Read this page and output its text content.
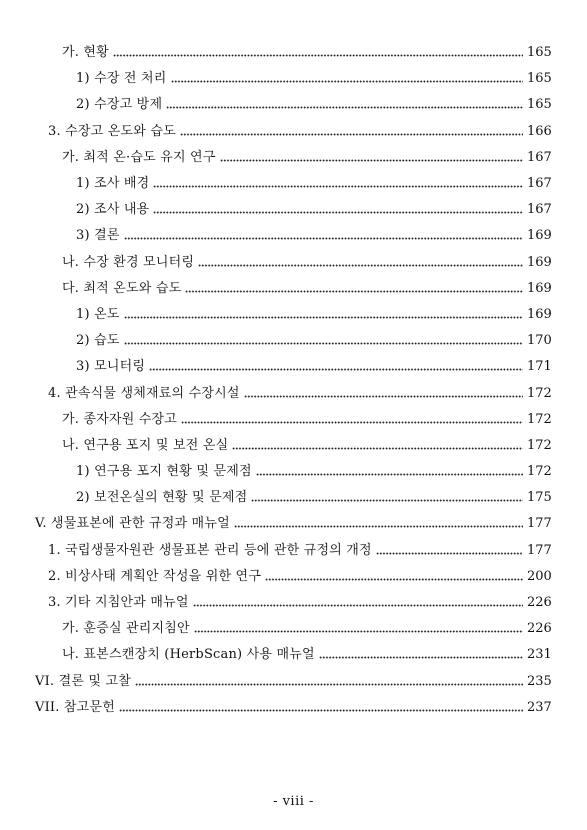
가. 현황	165
1) 수장 전 처리	165
2) 수장고 방제	165
3. 수장고 온도와 습도	166
가. 최적 온·습도 유지 연구	167
1) 조사 배경	167
2) 조사 내용	167
3) 결론	169
나. 수장 환경 모니터링	169
다. 최적 온도와 습도	169
1) 온도	169
2) 습도	170
3) 모니터링	171
4. 관속식물 생체재료의 수장시설	172
가. 종자자원 수장고	172
나. 연구용 포지 및 보전 온실	172
1) 연구용 포지 현황 및 문제점	172
2) 보전온실의 현황 및 문제점	175
V. 생물표본에 관한 규정과 매뉴얼	177
1. 국립생물자원관 생물표본 관리 등에 관한 규정의 개정	177
2. 비상사태 계획안 작성을 위한 연구	200
3. 기타 지침안과 매뉴얼	226
가. 훈증실 관리지침안	226
나. 표본스캔장치 (HerbScan) 사용 매뉴얼	231
VI. 결론 및 고찰	235
VII. 참고문헌	237
- viii -
